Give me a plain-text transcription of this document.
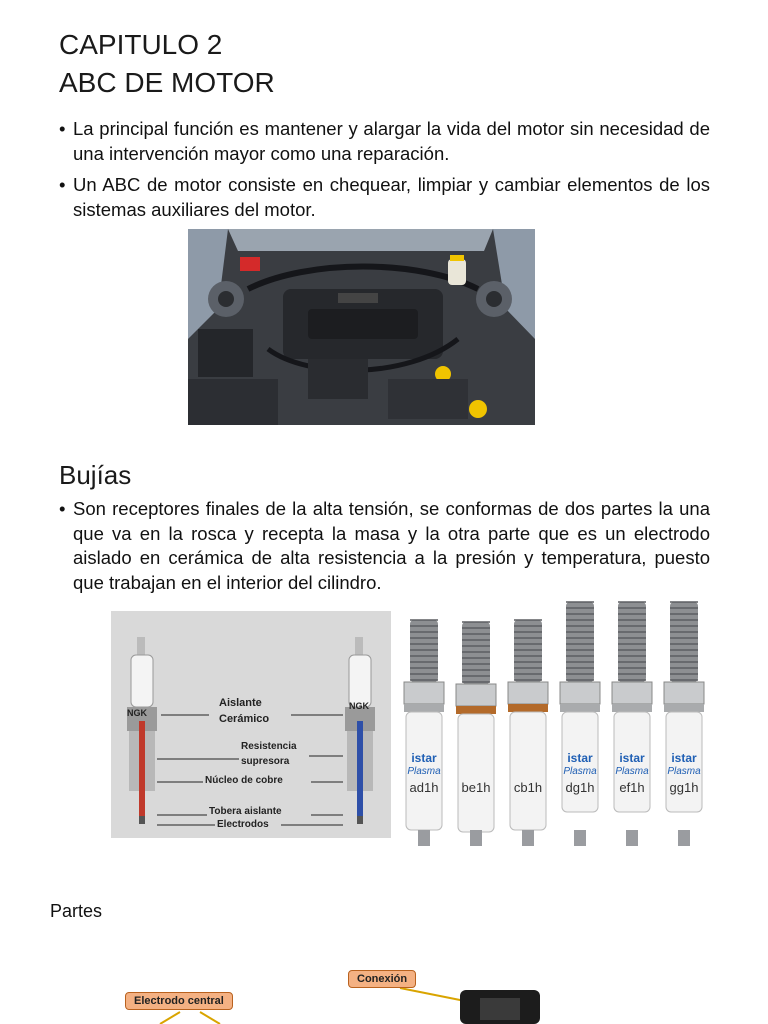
CAPITULO 2
ABC DE MOTOR
• La principal función es mantener y alargar la vida del motor sin necesidad de una intervención mayor como una reparación.
• Un ABC de motor consiste en chequear, limpiar y cambiar elementos de los sistemas auxiliares del motor.
Bujías
• Son receptores finales de la alta tensión, se conformas de dos partes la una que va en la rosca y recepta la masa y la otra parte que es un electrodo aislado en cerámica de alta resistencia a la presión y temperatura, puesto que trabajan en el interior del cilindro.
NGK
NGK
Aislante
Cerámico
Resistencia
supresora
Núcleo de cobre
Tobera aislante
Electrodos
ad1h
istar
Plasma
be1h cb1h dg1h
istar
Plasma
ef1h
istar
Plasma
gg1h
istar
Plasma
Partes
Electrodo central
Conexión
